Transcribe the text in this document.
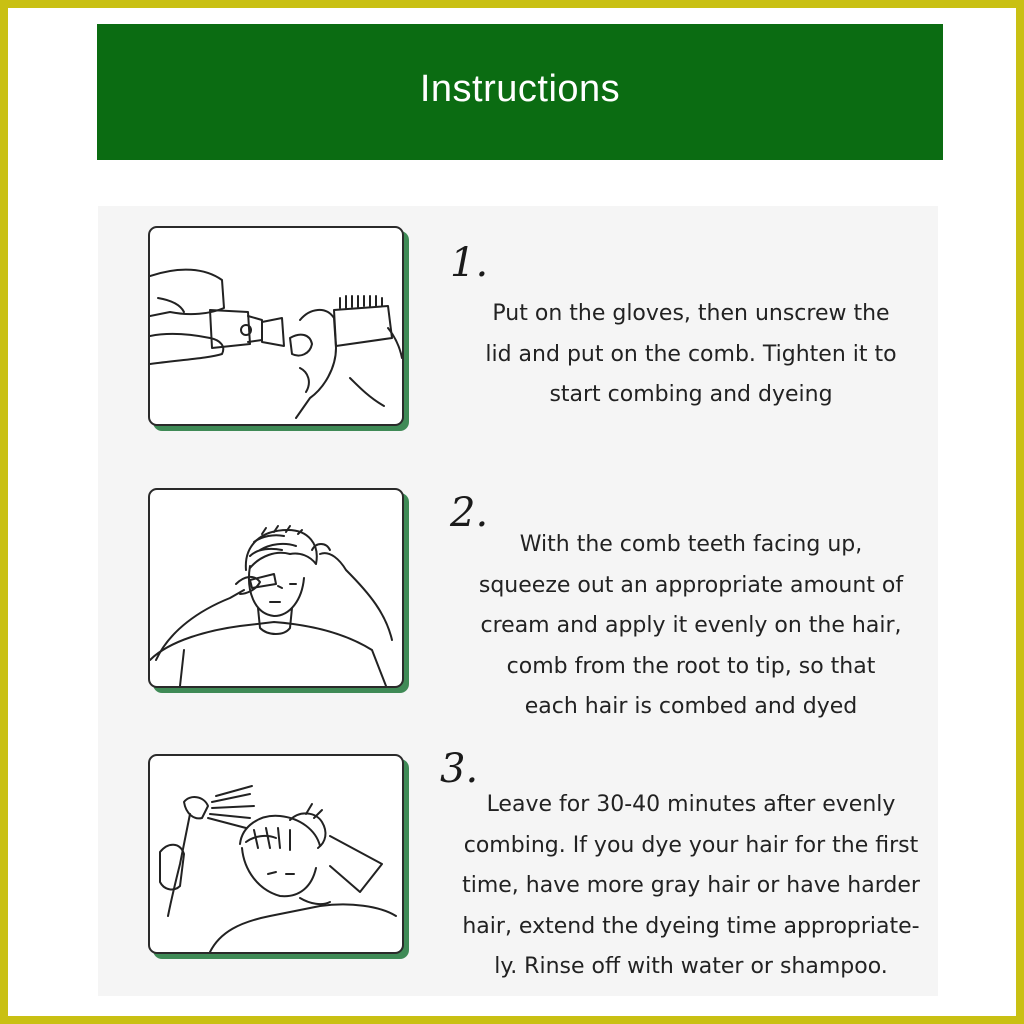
Instructions
1.
Put on the gloves, then unscrew the
lid and put on the comb. Tighten it to
start combing and dyeing
2.
With the comb teeth facing up,
squeeze out an appropriate amount of
cream and apply it evenly on the hair,
comb from the root to tip, so that
each hair is combed and dyed
3.
Leave for 30-40 minutes after evenly
combing. If you dye your hair for the first
time, have more gray hair or have harder
hair, extend the dyeing time appropriate-
ly. Rinse off with water or shampoo.
